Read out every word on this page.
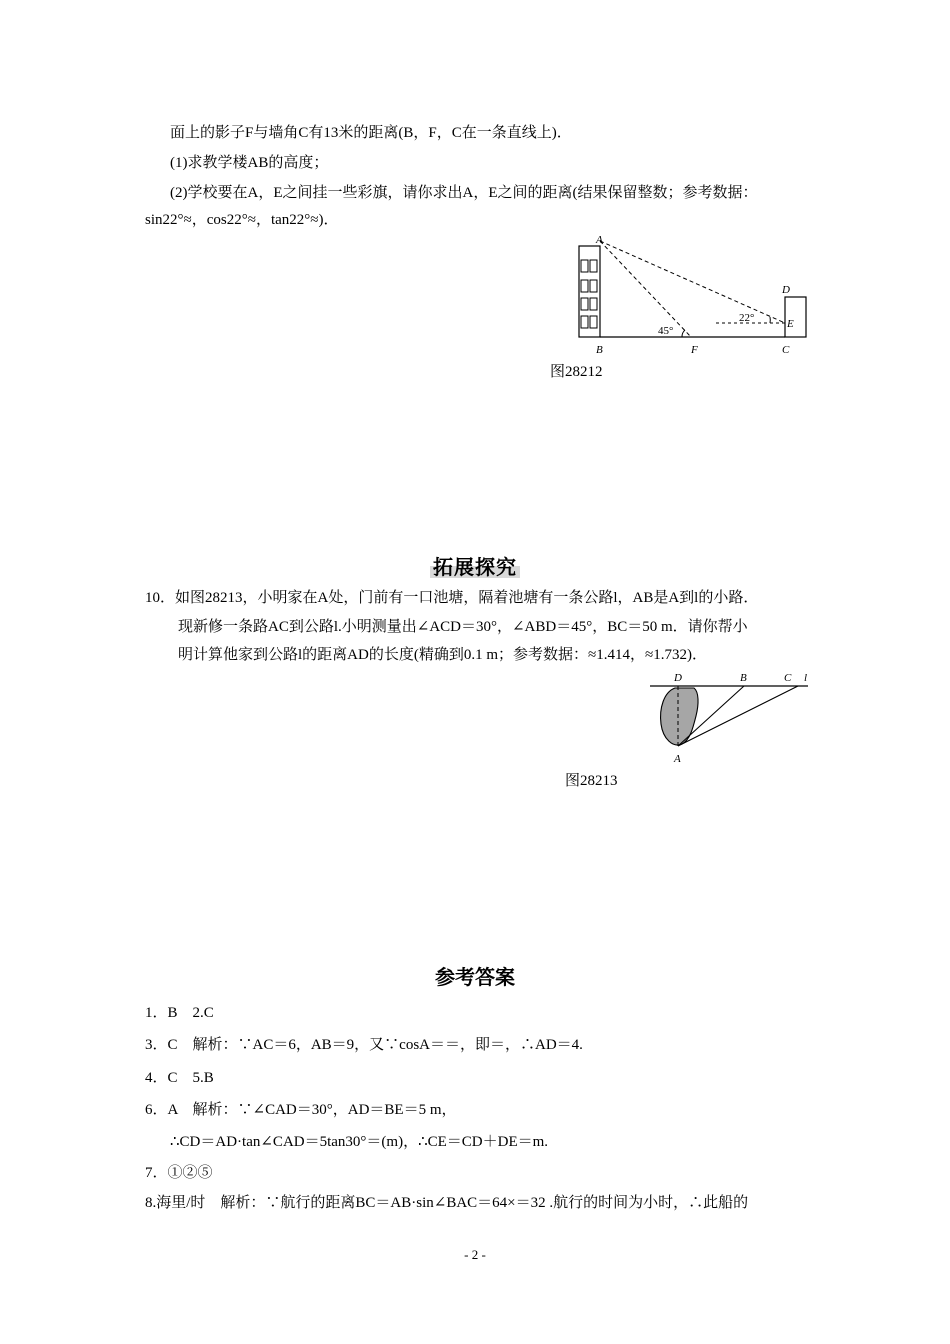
面上的影子F与墙角C有13米的距离(B，F，C在一条直线上)．
(1)求教学楼AB的高度；
(2)学校要在A，E之间挂一些彩旗，请你求出A，E之间的距离(结果保留整数；参考数据：
sin22°≈，cos22°≈，tan22°≈)．
A
B	F	C
D
E
45°
22°
图28212
拓展探究
10．如图28213，小明家在A处，门前有一口池塘，隔着池塘有一条公路l，AB是A到l的小路．
现新修一条路AC到公路l.小明测量出∠ACD＝30°，∠ABD＝45°，BC＝50 m．请你帮小
明计算他家到公路l的距离AD的长度(精确到0.1 m；参考数据：≈1.414，≈1.732)．
D	B	C l
A
图28213
参考答案
1．B　2.C
3．C　解析：∵AC＝6，AB＝9，又∵cosA＝＝，即＝，∴AD＝4.
4．C　5.B
6．A　解析：∵∠CAD＝30°，AD＝BE＝5 m，
∴CD＝AD·tan∠CAD＝5tan30°＝(m)，∴CE＝CD＋DE＝m.
7．①②⑤
8.海里/时　解析：∵航行的距离BC＝AB·sin∠BAC＝64×＝32 .航行的时间为小时，∴此船的
- 2 -
